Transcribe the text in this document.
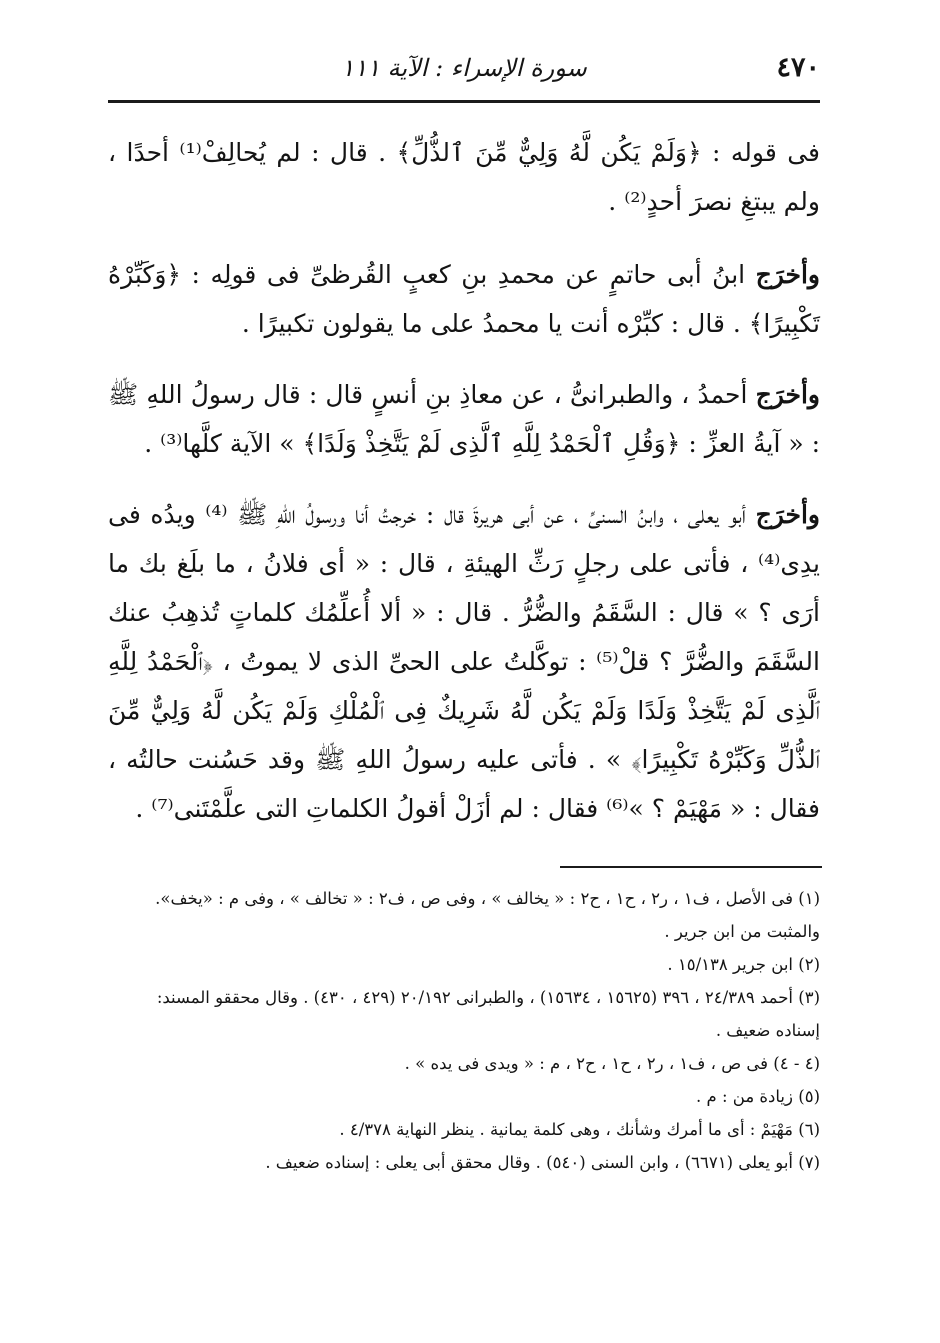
٤٧٠
سورة الإسراء : الآية ١١١

فى قوله : ﴿وَلَمْ يَكُن لَّهُ وَلِيٌّ مِّنَ ٱلذُّلِّ﴾ . قال : لم يُحالِفْ⁽¹⁾ أحدًا ، ولم يبتغِ نصرَ أحدٍ⁽²⁾ .

وأخرَج ابنُ أبى حاتمٍ عن محمدِ بنِ كعبٍ القُرظىِّ فى قولِه : ﴿وَكَبِّرْهُ تَكْبِيرًا﴾ . قال : كبِّرْه أنت يا محمدُ على ما يقولون تكبيرًا .

وأخرَج أحمدُ ، والطبرانىُّ ، عن معاذِ بنِ أنسٍ قال : قال رسولُ اللهِ ﷺ : « آيةُ العزِّ : ﴿وَقُلِ ٱلْحَمْدُ لِلَّهِ ٱلَّذِى لَمْ يَتَّخِذْ وَلَدًا﴾ » الآية كلَّها⁽³⁾ .

وأخرَج أبو يعلى ، وابنُ السنىِّ ، عن أبى هريرةَ قال : خرجتُ أنا ورسولُ اللهِ ﷺ ⁽⁴⁾ ويدُه فى يدِى⁽⁴⁾ ، فأتى على رجلٍ رَثِّ الهيئةِ ، قال : « أى فلانُ ، ما بلَغ بك ما أرَى ؟ » قال : السَّقَمُ والضُّرُّ . قال : « ألا أُعلِّمُك كلماتٍ تُذهِبُ عنك السَّقَمَ والضُّرَّ ؟ قلْ⁽⁵⁾ : توكَّلتُ على الحىِّ الذى لا يموتُ ، ﴿ٱلْحَمْدُ لِلَّهِ ٱلَّذِى لَمْ يَتَّخِذْ وَلَدًا وَلَمْ يَكُن لَّهُ شَرِيكٌ فِى ٱلْمُلْكِ وَلَمْ يَكُن لَّهُ وَلِيٌّ مِّنَ ٱلذُّلِّ وَكَبِّرْهُ تَكْبِيرًا﴾ » . فأتى عليه رسولُ اللهِ ﷺ وقد حَسُنت حالتُه ، فقال : « مَهْيَمْ ؟ »⁽⁶⁾ فقال : لم أزَلْ أقولُ الكلماتِ التى علَّمْتَنى⁽⁷⁾ .

(١) فى الأصل ، ف١ ، ر٢ ، ح١ ، ح٢ : « يخالف » ، وفى ص ، ف٢ : « تخالف » ، وفى م : «يخف». والمثبت من ابن جرير .
(٢) ابن جرير ١٥/١٣٨ .
(٣) أحمد ٢٤/٣٨٩ ، ٣٩٦ (١٥٦٢٥ ، ١٥٦٣٤) ، والطبرانى ٢٠/١٩٢ (٤٢٩ ، ٤٣٠) . وقال محققو المسند: إسناده ضعيف .
(٤ - ٤) فى ص ، ف١ ، ر٢ ، ح١ ، ح٢ ، م : « ويدى فى يده » .
(٥) زيادة من : م .
(٦) مَهْيَمْ : أى ما أمرك وشأنك ، وهى كلمة يمانية . ينظر النهاية ٤/٣٧٨ .
(٧) أبو يعلى (٦٦٧١) ، وابن السنى (٥٤٠) . وقال محقق أبى يعلى : إسناده ضعيف .
